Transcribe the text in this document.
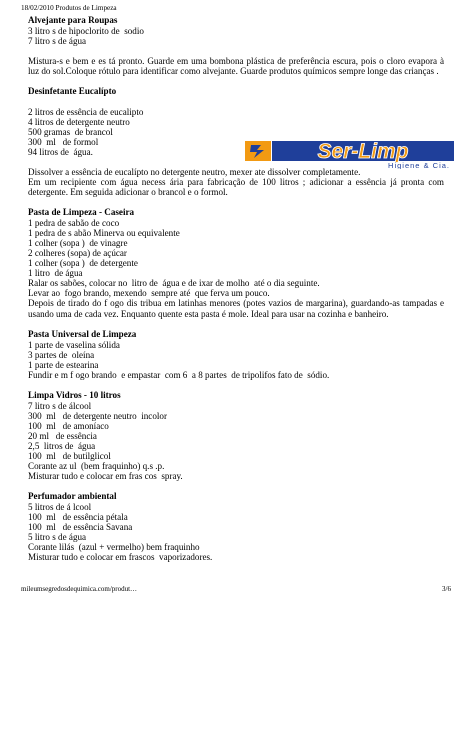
18/02/2010 Produtos de Limpeza
Alvejante para Roupas
3 litro s de hipoclorito de  sodio
7 litro s de água
Mistura-s e bem e es tá pronto. Guarde em uma bombona plástica de preferência escura, pois o cloro evapora à luz do sol.Coloque rótulo para identificar como alvejante. Guarde produtos químicos sempre longe das crianças .
Desinfetante Eucalípto
2 litros de essência de eucalipto
4 litros de detergente neutro
500 gramas  de brancol
300  ml   de formol
94 litros de  água.
Dissolver a essência de eucalípto no detergente neutro, mexer ate dissolver completamente.
Em um recipiente com água necess ária para fabricação de 100 litros ; adicionar a essência já pronta com detergente. Em seguida adicionar o brancol e o formol.
Pasta de Limpeza - Caseira
1 pedra de sabão de coco
1 pedra de s abão Minerva ou equivalente
1 colher (sopa )  de vinagre
2 colheres (sopa) de açúcar
1 colher (sopa )  de detergente
1 litro  de água
Ralar os sabões, colocar no  litro de  água e de ixar de molho  até o dia seguinte.
Levar ao  fogo brando, mexendo  sempre até  que ferva um pouco.
Depois de tirado do f ogo dis tribua em latinhas menores (potes vazios de margarina), guardando-as tampadas e usando uma de cada vez. Enquanto quente esta pasta é mole. Ideal para usar na cozinha e banheiro.
Pasta Universal de Limpeza
1 parte de vaselina sólida
3 partes de  oleína
1 parte de estearina
Fundir e m f ogo brando  e empastar  com 6  a 8 partes  de tripolifos fato de  sódio.
Limpa Vidros - 10 litros
7 litro s de álcool
300  ml   de detergente neutro  incolor
100  ml   de amoníaco
20 ml   de essência
2,5  litros de  água
100  ml   de butilglicol
Corante az ul  (bem fraquinho) q.s .p.
Misturar tudo e colocar em fras cos  spray.
Perfumador ambiental
5 litros de á lcool
100  ml   de essência pétala
100  ml   de essência Savana
5 litro s de água
Corante lilás  (azul + vermelho) bem fraquinho
Misturar tudo e colocar em frascos  vaporizadores.
Ser-Limp
Higiene & Cia.
mileumsegredosdequimica.com/produt…	3/6
